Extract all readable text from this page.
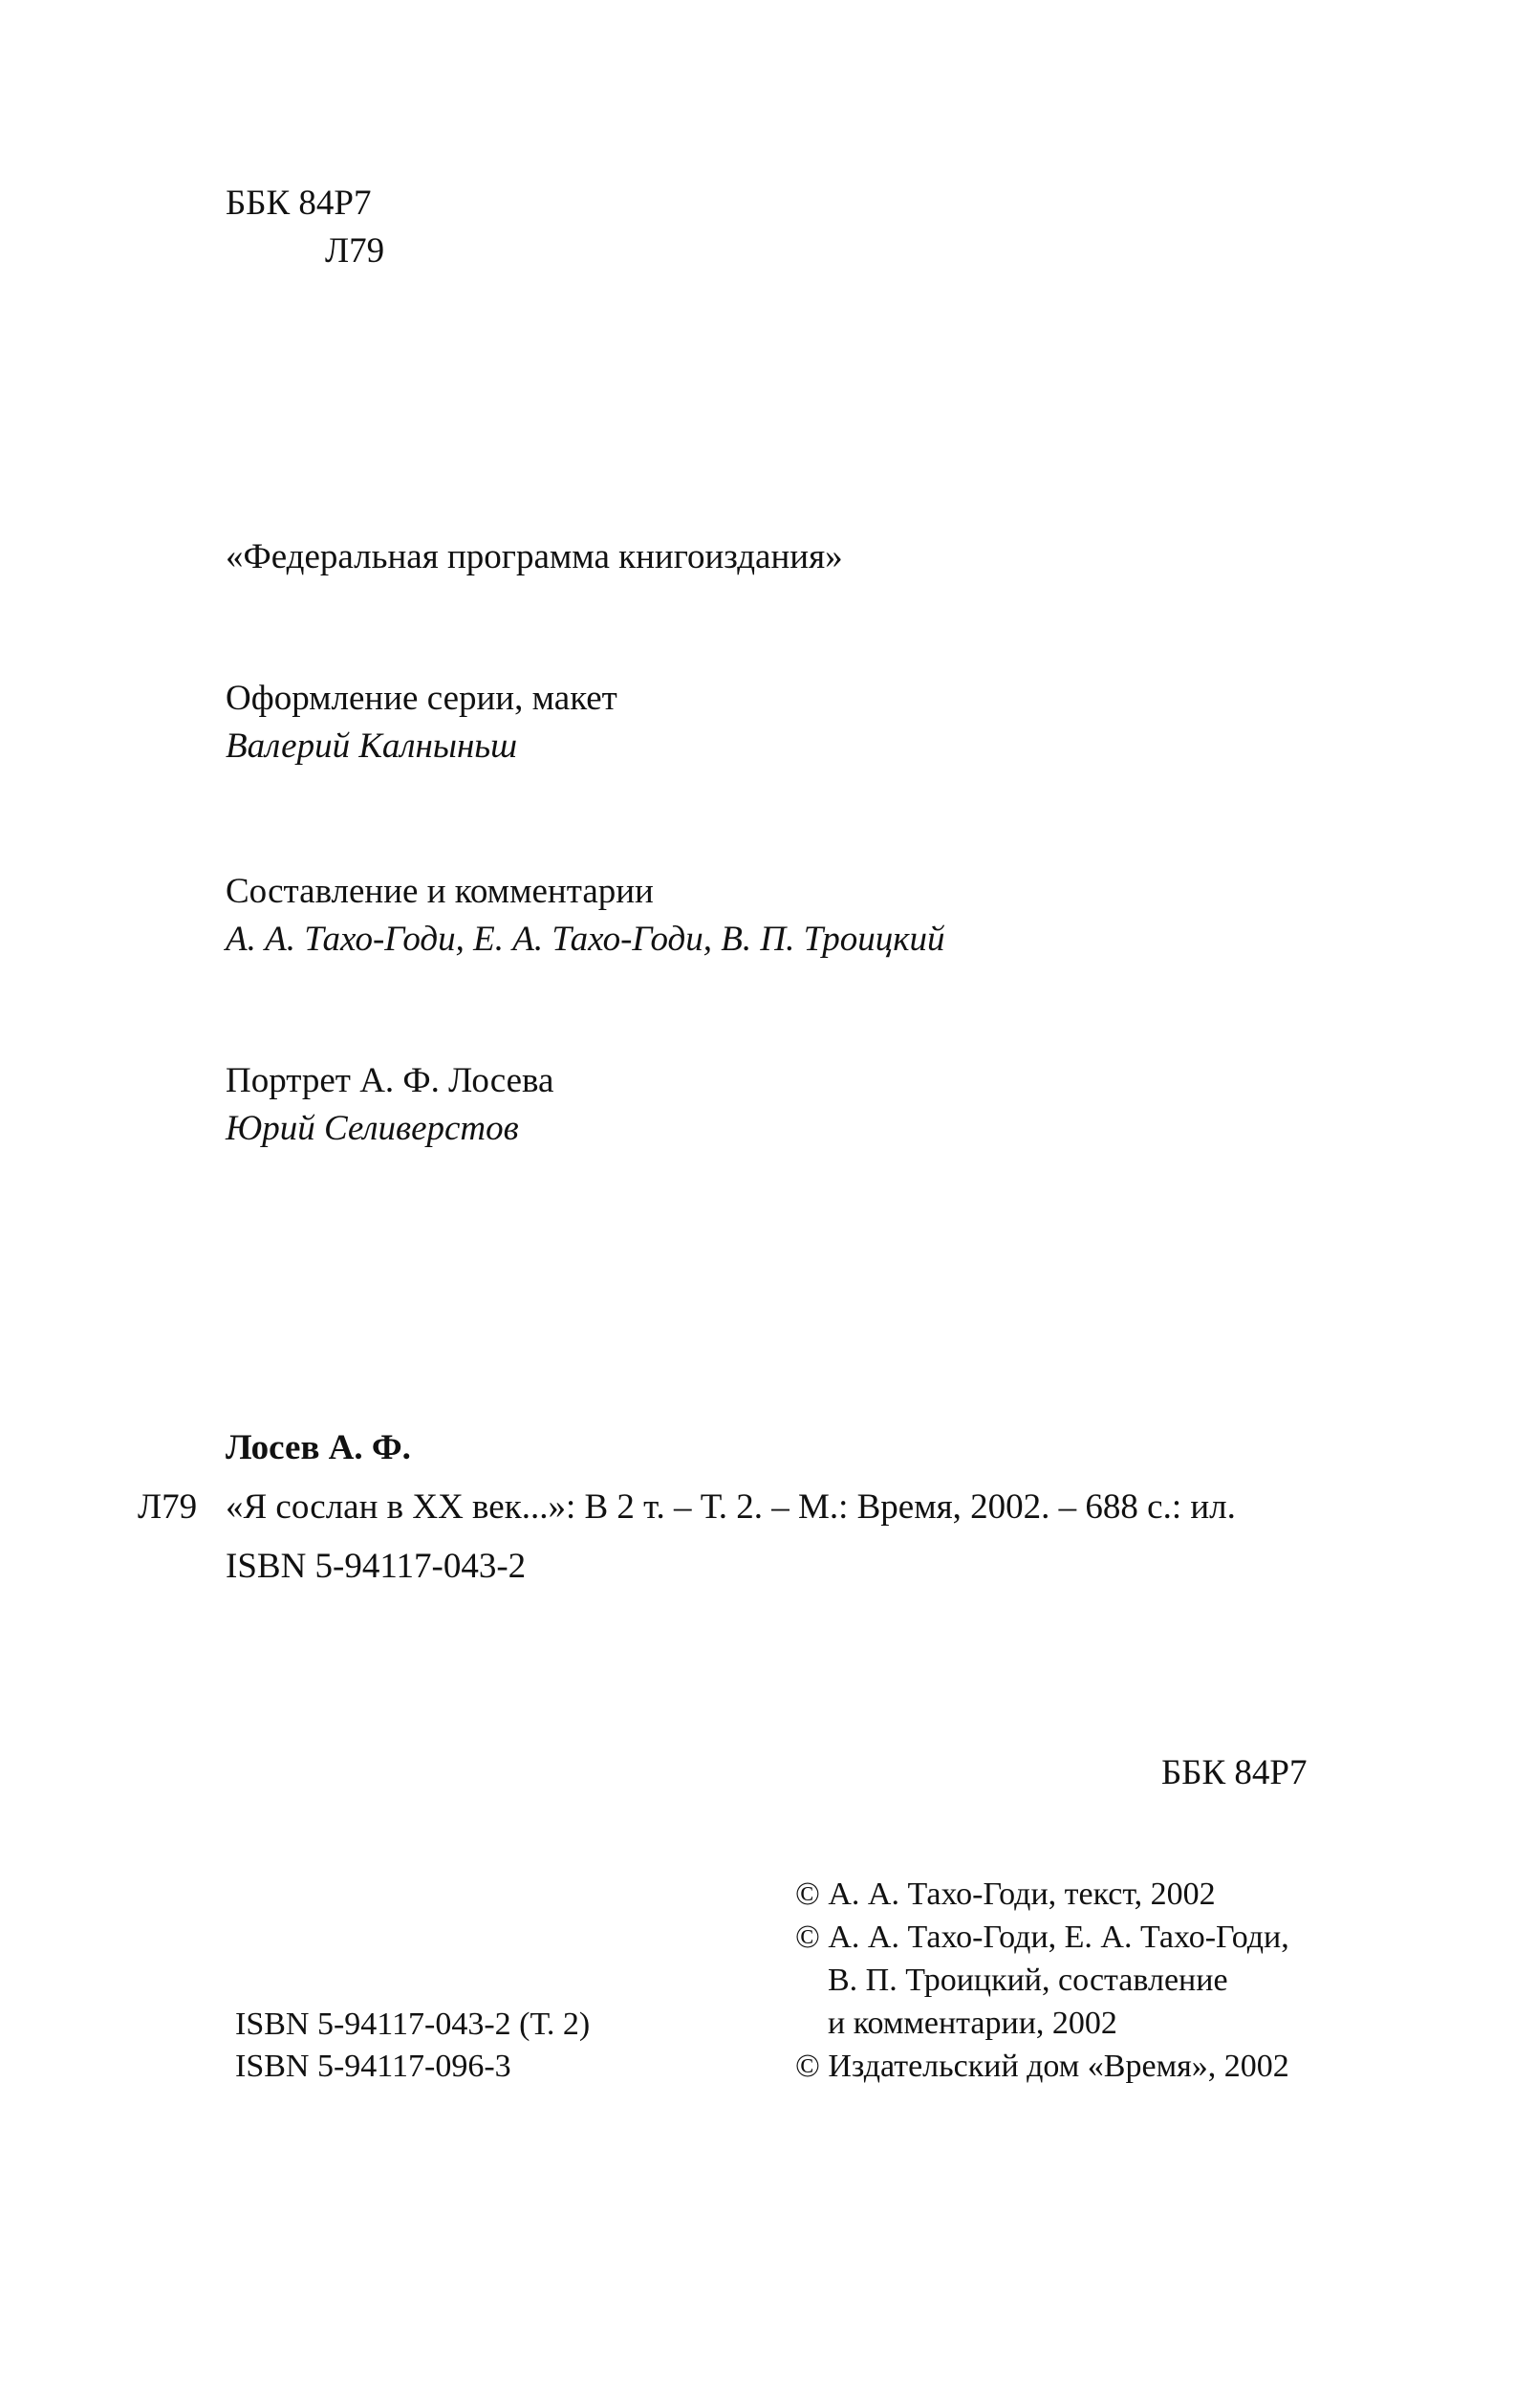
ББК 84Р7
Л79
«Федеральная программа книгоиздания»
Оформление серии, макет
Валерий Калныньш
Составление и комментарии
А. А. Тахо-Годи, Е. А. Тахо-Годи, В. П. Троицкий
Портрет А. Ф. Лосева
Юрий Селиверстов
Лосев А. Ф.
Л79 «Я сослан в XX век...»: В 2 т. – Т. 2. – М.: Время, 2002. – 688 с.: ил.
ISBN 5-94117-043-2
ББК 84Р7
ISBN 5-94117-043-2 (Т. 2)
ISBN 5-94117-096-3
© А. А. Тахо-Годи, текст, 2002
© А. А. Тахо-Годи, Е. А. Тахо-Годи,
В. П. Троицкий, составление
и комментарии, 2002
© Издательский дом «Время», 2002
